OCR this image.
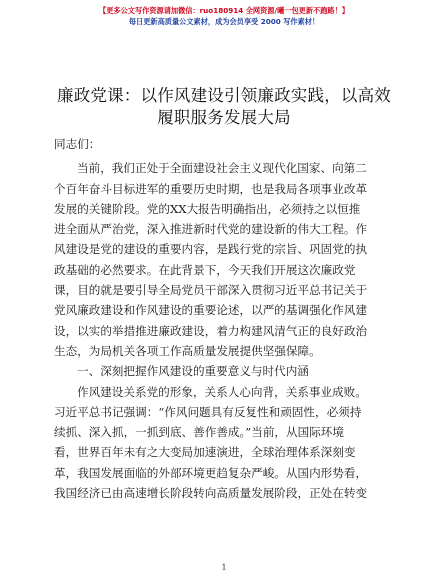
【更多公文写作资源请加微信：ruo180914 全网资源/曦一包更新不跑路！】
每日更新高质量公文素材，成为会员享受 2000 写作素材！
廉政党课：以作风建设引领廉政实践，以高效
履职服务发展大局
同志们：
当前，我们正处于全面建设社会主义现代化国家、向第二
个百年奋斗目标进军的重要历史时期，也是我局各项事业改革
发展的关键阶段。党的XX大报告明确指出，必须持之以恒推
进全面从严治党，深入推进新时代党的建设新的伟大工程。作
风建设是党的建设的重要内容，是践行党的宗旨、巩固党的执
政基础的必然要求。在此背景下，今天我们开展这次廉政党
课，目的就是要引导全局党员干部深入贯彻习近平总书记关于
党风廉政建设和作风建设的重要论述，以严的基调强化作风建
设，以实的举措推进廉政建设，着力构建风清气正的良好政治
生态，为局机关各项工作高质量发展提供坚强保障。
一、深刻把握作风建设的重要意义与时代内涵
作风建设关系党的形象，关系人心向背，关系事业成败。
习近平总书记强调：“作风问题具有反复性和顽固性，必须持
续抓、深入抓，一抓到底、善作善成。”当前，从国际环境
看，世界百年未有之大变局加速演进，全球治理体系深刻变
革，我国发展面临的外部环境更趋复杂严峻。从国内形势看，
我国经济已由高速增长阶段转向高质量发展阶段，正处在转变
1
